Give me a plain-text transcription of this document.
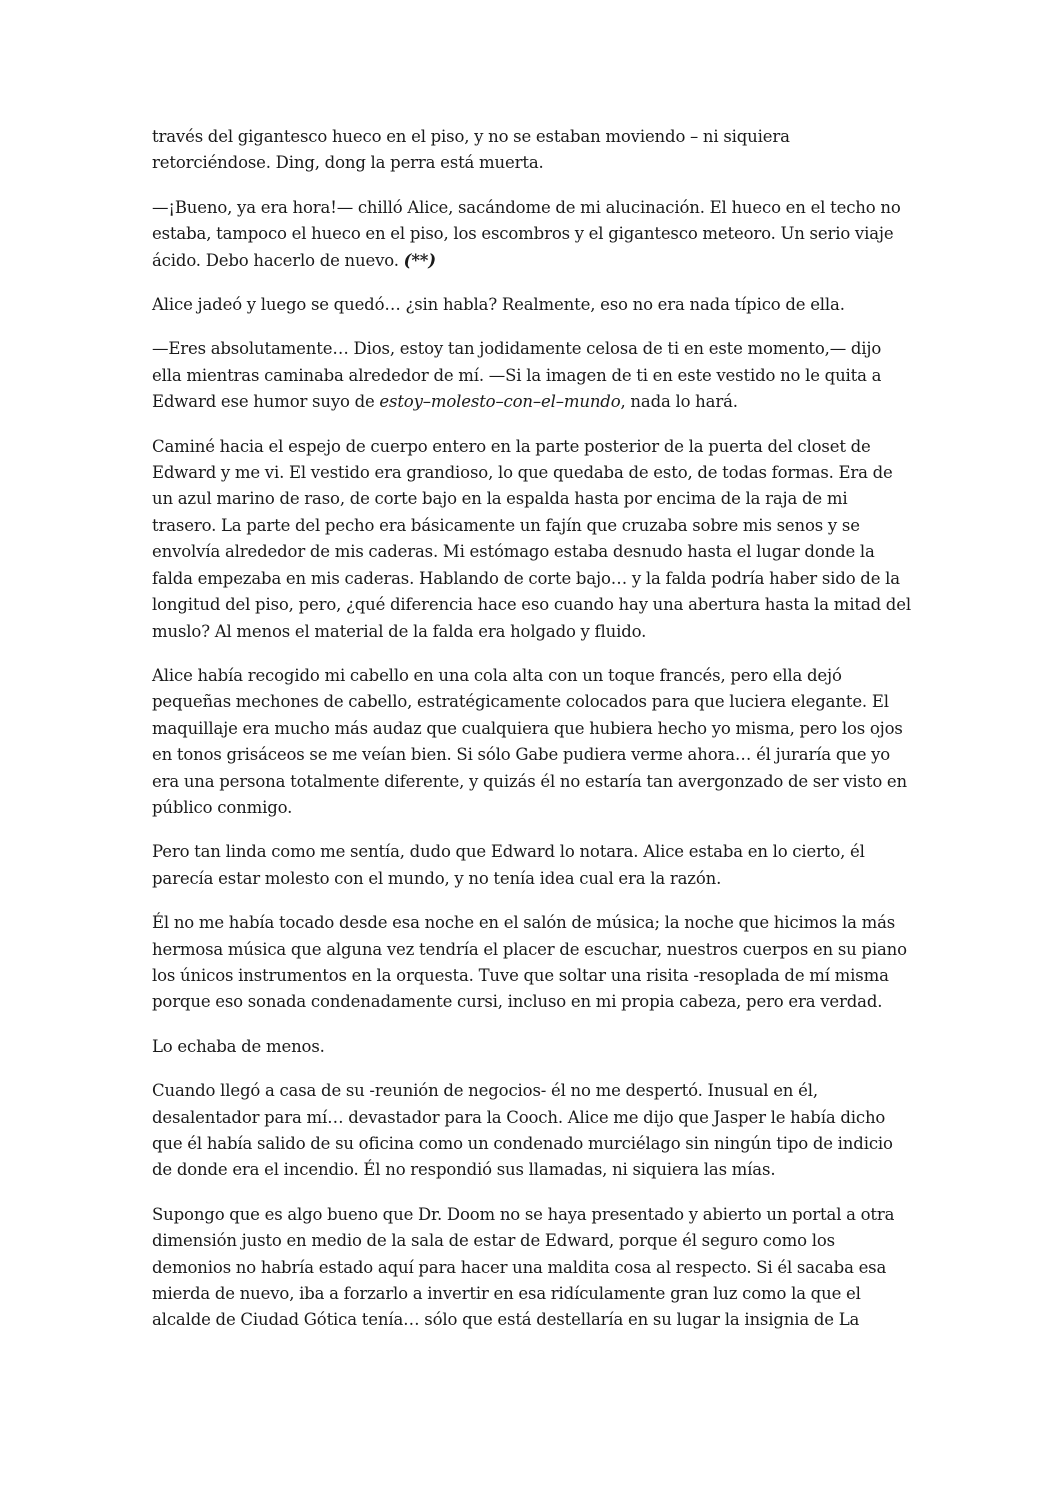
través del gigantesco hueco en el piso, y no se estaban moviendo – ni siquiera retorciéndose. Ding, dong la perra está muerta.

—¡Bueno, ya era hora!— chilló Alice, sacándome de mi alucinación. El hueco en el techo no estaba, tampoco el hueco en el piso, los escombros y el gigantesco meteoro. Un serio viaje ácido. Debo hacerlo de nuevo. (**)

Alice jadeó y luego se quedó… ¿sin habla? Realmente, eso no era nada típico de ella.

—Eres absolutamente… Dios, estoy tan jodidamente celosa de ti en este momento,— dijo ella mientras caminaba alrededor de mí. —Si la imagen de ti en este vestido no le quita a Edward ese humor suyo de estoy–molesto–con–el–mundo, nada lo hará.

Caminé hacia el espejo de cuerpo entero en la parte posterior de la puerta del closet de Edward y me vi. El vestido era grandioso, lo que quedaba de esto, de todas formas. Era de un azul marino de raso, de corte bajo en la espalda hasta por encima de la raja de mi trasero. La parte del pecho era básicamente un fajín que cruzaba sobre mis senos y se envolvía alrededor de mis caderas. Mi estómago estaba desnudo hasta el lugar donde la falda empezaba en mis caderas. Hablando de corte bajo… y la falda podría haber sido de la longitud del piso, pero, ¿qué diferencia hace eso cuando hay una abertura hasta la mitad del muslo? Al menos el material de la falda era holgado y fluido.

Alice había recogido mi cabello en una cola alta con un toque francés, pero ella dejó pequeñas mechones de cabello, estratégicamente colocados para que luciera elegante. El maquillaje era mucho más audaz que cualquiera que hubiera hecho yo misma, pero los ojos en tonos grisáceos se me veían bien. Si sólo Gabe pudiera verme ahora… él juraría que yo era una persona totalmente diferente, y quizás él no estaría tan avergonzado de ser visto en público conmigo.

Pero tan linda como me sentía, dudo que Edward lo notara. Alice estaba en lo cierto, él parecía estar molesto con el mundo, y no tenía idea cual era la razón.

Él no me había tocado desde esa noche en el salón de música; la noche que hicimos la más hermosa música que alguna vez tendría el placer de escuchar, nuestros cuerpos en su piano los únicos instrumentos en la orquesta. Tuve que soltar una risita -resoplada de mí misma porque eso sonada condenadamente cursi, incluso en mi propia cabeza, pero era verdad.

Lo echaba de menos.

Cuando llegó a casa de su -reunión de negocios- él no me despertó. Inusual en él, desalentador para mí… devastador para la Cooch. Alice me dijo que Jasper le había dicho que él había salido de su oficina como un condenado murciélago sin ningún tipo de indicio de donde era el incendio. Él no respondió sus llamadas, ni siquiera las mías.

Supongo que es algo bueno que Dr. Doom no se haya presentado y abierto un portal a otra dimensión justo en medio de la sala de estar de Edward, porque él seguro como los demonios no habría estado aquí para hacer una maldita cosa al respecto. Si él sacaba esa mierda de nuevo, iba a forzarlo a invertir en esa ridículamente gran luz como la que el alcalde de Ciudad Gótica tenía… sólo que está destellaría en su lugar la insignia de La
